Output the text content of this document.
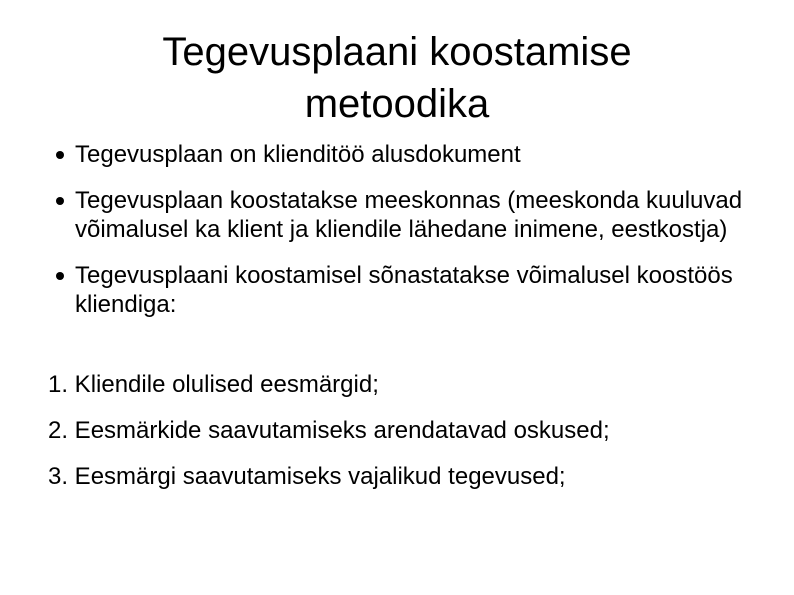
Tegevusplaani koostamise
metoodika
Tegevusplaan on klienditöö alusdokument
Tegevusplaan koostatakse meeskonnas (meeskonda kuuluvad võimalusel ka klient ja kliendile lähedane inimene, eestkostja)
Tegevusplaani koostamisel sõnastatakse võimalusel koostöös kliendiga:
1. Kliendile olulised eesmärgid;
2. Eesmärkide saavutamiseks arendatavad oskused;
3. Eesmärgi saavutamiseks vajalikud tegevused;
